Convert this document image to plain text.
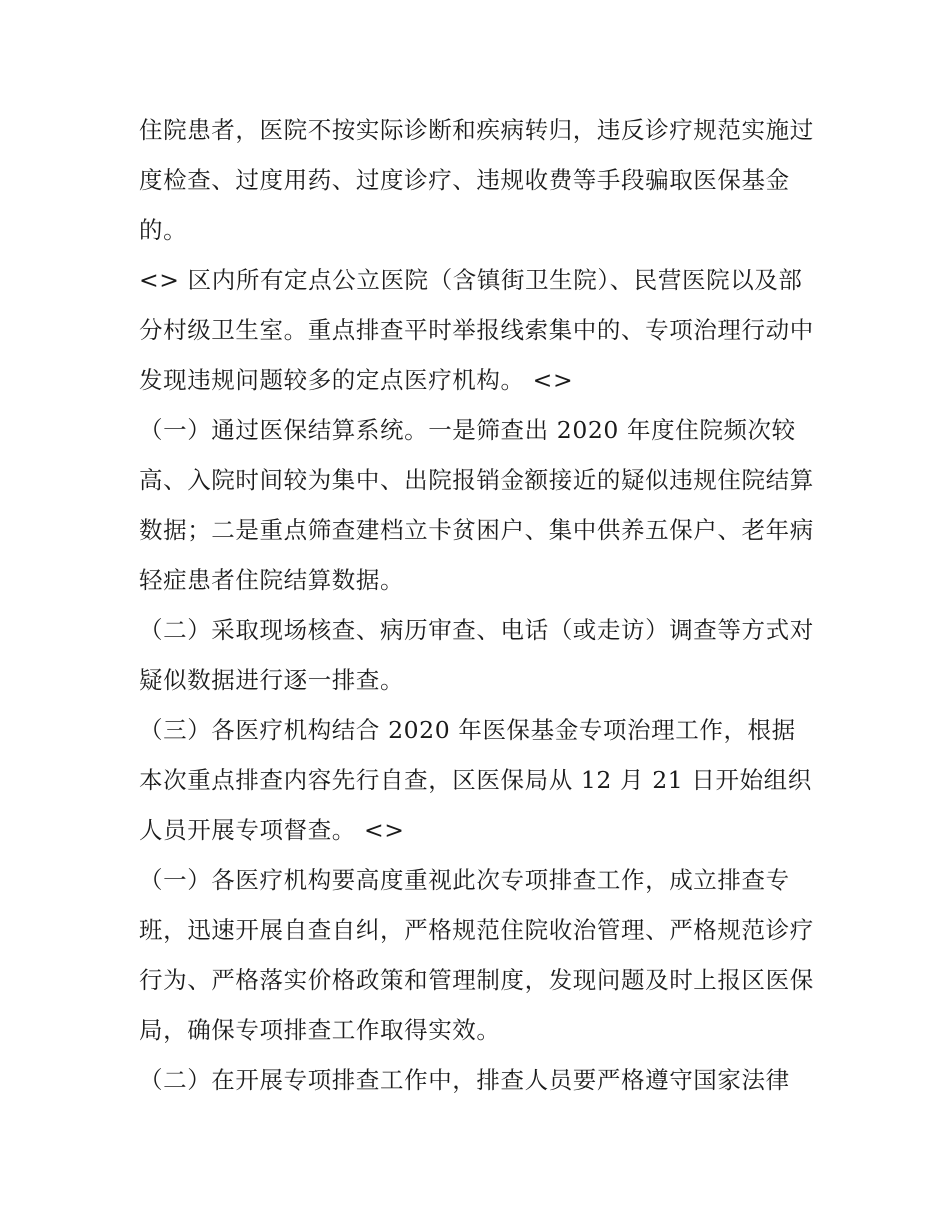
住院患者，医院不按实际诊断和疾病转归，违反诊疗规范实施过度检查、过度用药、过度诊疗、违规收费等手段骗取医保基金的。

<> 区内所有定点公立医院（含镇街卫生院）、民营医院以及部分村级卫生室。重点排查平时举报线索集中的、专项治理行动中发现违规问题较多的定点医疗机构。 <>

（一）通过医保结算系统。一是筛查出 2020 年度住院频次较高、入院时间较为集中、出院报销金额接近的疑似违规住院结算数据；二是重点筛查建档立卡贫困户、集中供养五保户、老年病轻症患者住院结算数据。

（二）采取现场核查、病历审查、电话（或走访）调查等方式对疑似数据进行逐一排查。

（三）各医疗机构结合 2020 年医保基金专项治理工作，根据本次重点排查内容先行自查，区医保局从 12 月 21 日开始组织人员开展专项督查。 <>

（一）各医疗机构要高度重视此次专项排查工作，成立排查专班，迅速开展自查自纠，严格规范住院收治管理、严格规范诊疗行为、严格落实价格政策和管理制度，发现问题及时上报区医保局，确保专项排查工作取得实效。

（二）在开展专项排查工作中，排查人员要严格遵守国家法律
